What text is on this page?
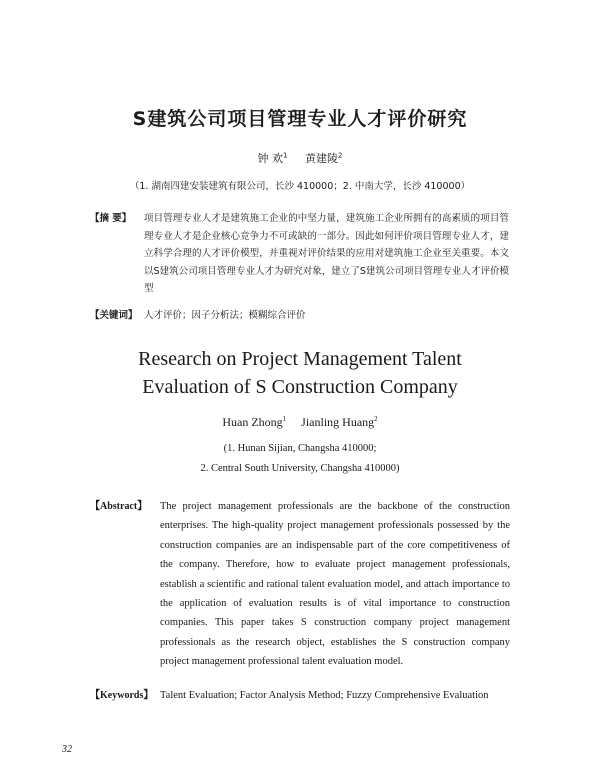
S建筑公司项目管理专业人才评价研究
钟 欢$^1$ 黄建陵$^2$
（1. 湖南四建安装建筑有限公司，长沙 410000；2. 中南大学，长沙 410000）
【摘 要】	项目管理专业人才是建筑施工企业的中坚力量，建筑施工企业所拥有的高素质的项目管理专业人才是企业核心竞争力不可或缺的一部分。因此如何评价项目管理专业人才，建立科学合理的人才评价模型，并重视对评价结果的应用对建筑施工企业至关重要。本文以S建筑公司项目管理专业人才为研究对象，建立了S建筑公司项目管理专业人才评价模型
【关键词】 人才评价；因子分析法；模糊综合评价
Research on Project Management Talent
Evaluation of S Construction Company
Huan Zhong$^1$ Jianling Huang$^2$
(1. Hunan Sijian, Changsha 410000;
2. Central South University, Changsha 410000)
【Abstract】	The project management professionals are the backbone of the construction enterprises. The high-quality project management professionals possessed by the construction companies are an indispensable part of the core competitiveness of the company. Therefore, how to evaluate project management professionals, establish a scientific and rational talent evaluation model, and attach importance to the application of evaluation results is of vital importance to construction companies. This paper takes S construction company project management professionals as the research object, establishes the S construction company project management professional talent evaluation model.
【Keywords】 Talent Evaluation; Factor Analysis Method; Fuzzy Comprehensive Evaluation
32
